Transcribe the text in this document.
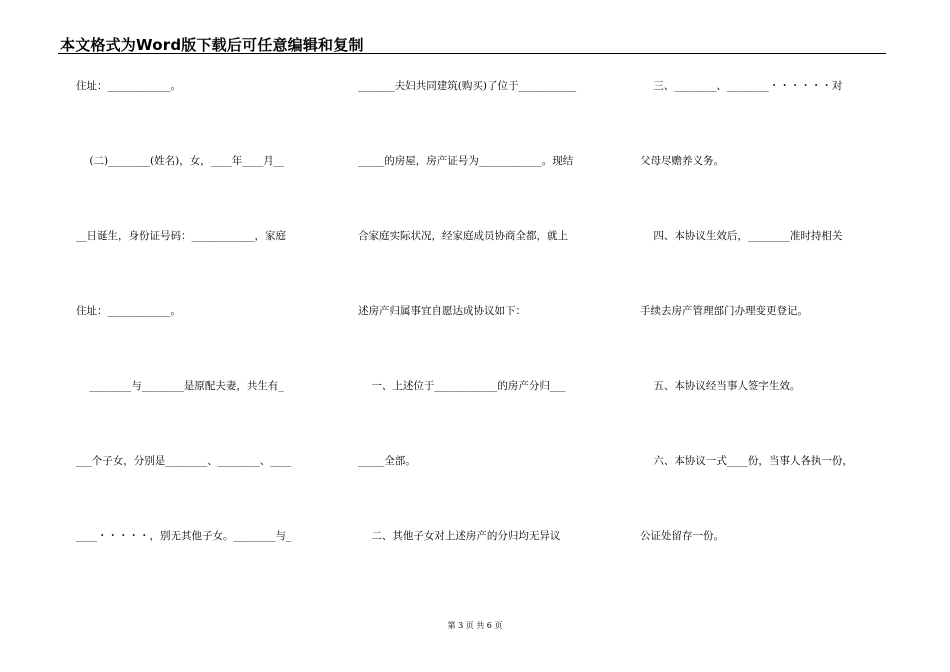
本文格式为Word版下载后可任意编辑和复制
住址：____________。
(二)________(姓名)，女，____年____月__
__日诞生，身份证号码：____________，家庭
住址：____________。
________与________是原配夫妻，共生有_
___个子女，分别是________、________、____
____・・・・・，别无其他子女。________与_
_______夫妇共同建筑(购买)了位于___________
_____的房屋，房产证号为____________。现结
合家庭实际状况，经家庭成员协商全都，就上
述房产归属事宜自愿达成协议如下：
一、上述位于____________的房产分归___
_____全部。
二、其他子女对上述房产的分归均无异议
三、________、________・・・・・・对
父母尽赡养义务。
四、本协议生效后，________准时持相关
手续去房产管理部门办理变更登记。
五、本协议经当事人签字生效。
六、本协议一式____份，当事人各执一份，
公证处留存一份。
第 3 页 共 6 页
